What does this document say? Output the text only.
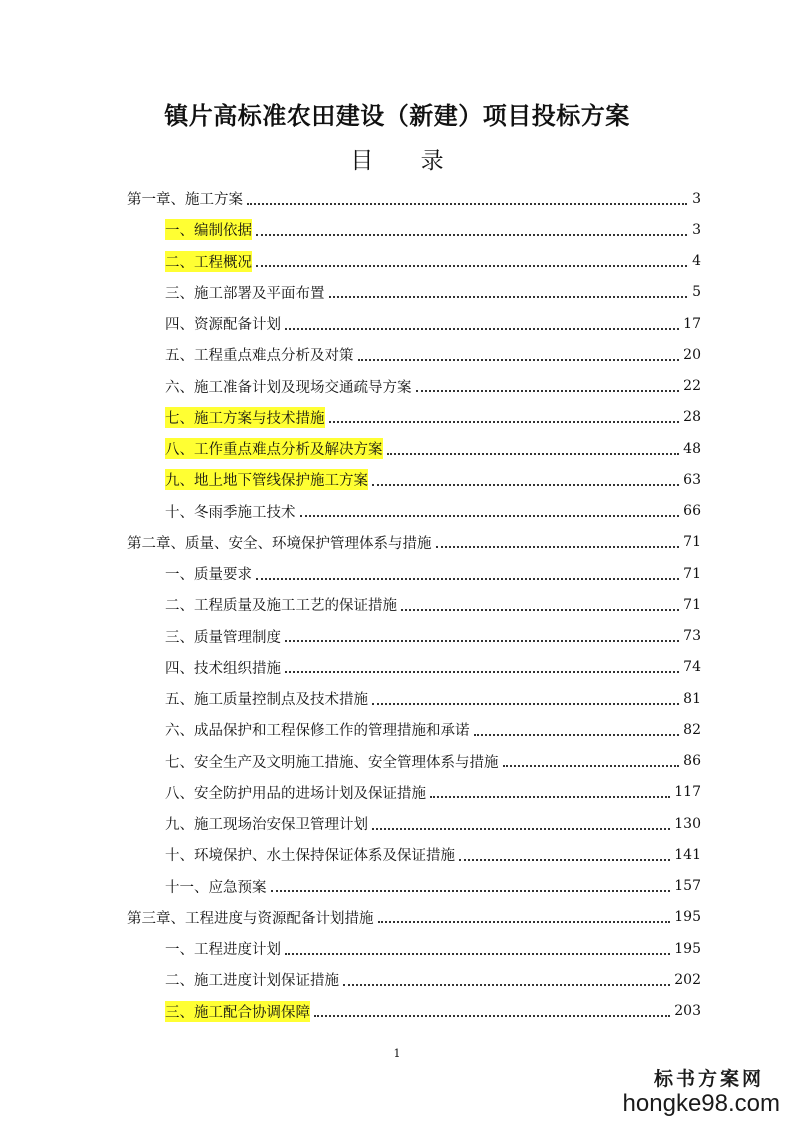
镇片高标准农田建设（新建）项目投标方案
目 录
第一章、施工方案	3
一、编制依据	3
二、工程概况	4
三、施工部署及平面布置	5
四、资源配备计划	17
五、工程重点难点分析及对策	20
六、施工准备计划及现场交通疏导方案	22
七、施工方案与技术措施	28
八、工作重点难点分析及解决方案	48
九、地上地下管线保护施工方案	63
十、冬雨季施工技术	66
第二章、质量、安全、环境保护管理体系与措施	71
一、质量要求	71
二、工程质量及施工工艺的保证措施	71
三、质量管理制度	73
四、技术组织措施	74
五、施工质量控制点及技术措施	81
六、成品保护和工程保修工作的管理措施和承诺	82
七、安全生产及文明施工措施、安全管理体系与措施	86
八、安全防护用品的进场计划及保证措施	117
九、施工现场治安保卫管理计划	130
十、环境保护、水土保持保证体系及保证措施	141
十一、应急预案	157
第三章、工程进度与资源配备计划措施	195
一、工程进度计划	195
二、施工进度计划保证措施	202
三、施工配合协调保障	203
1
标书方案网
hongke98.com
